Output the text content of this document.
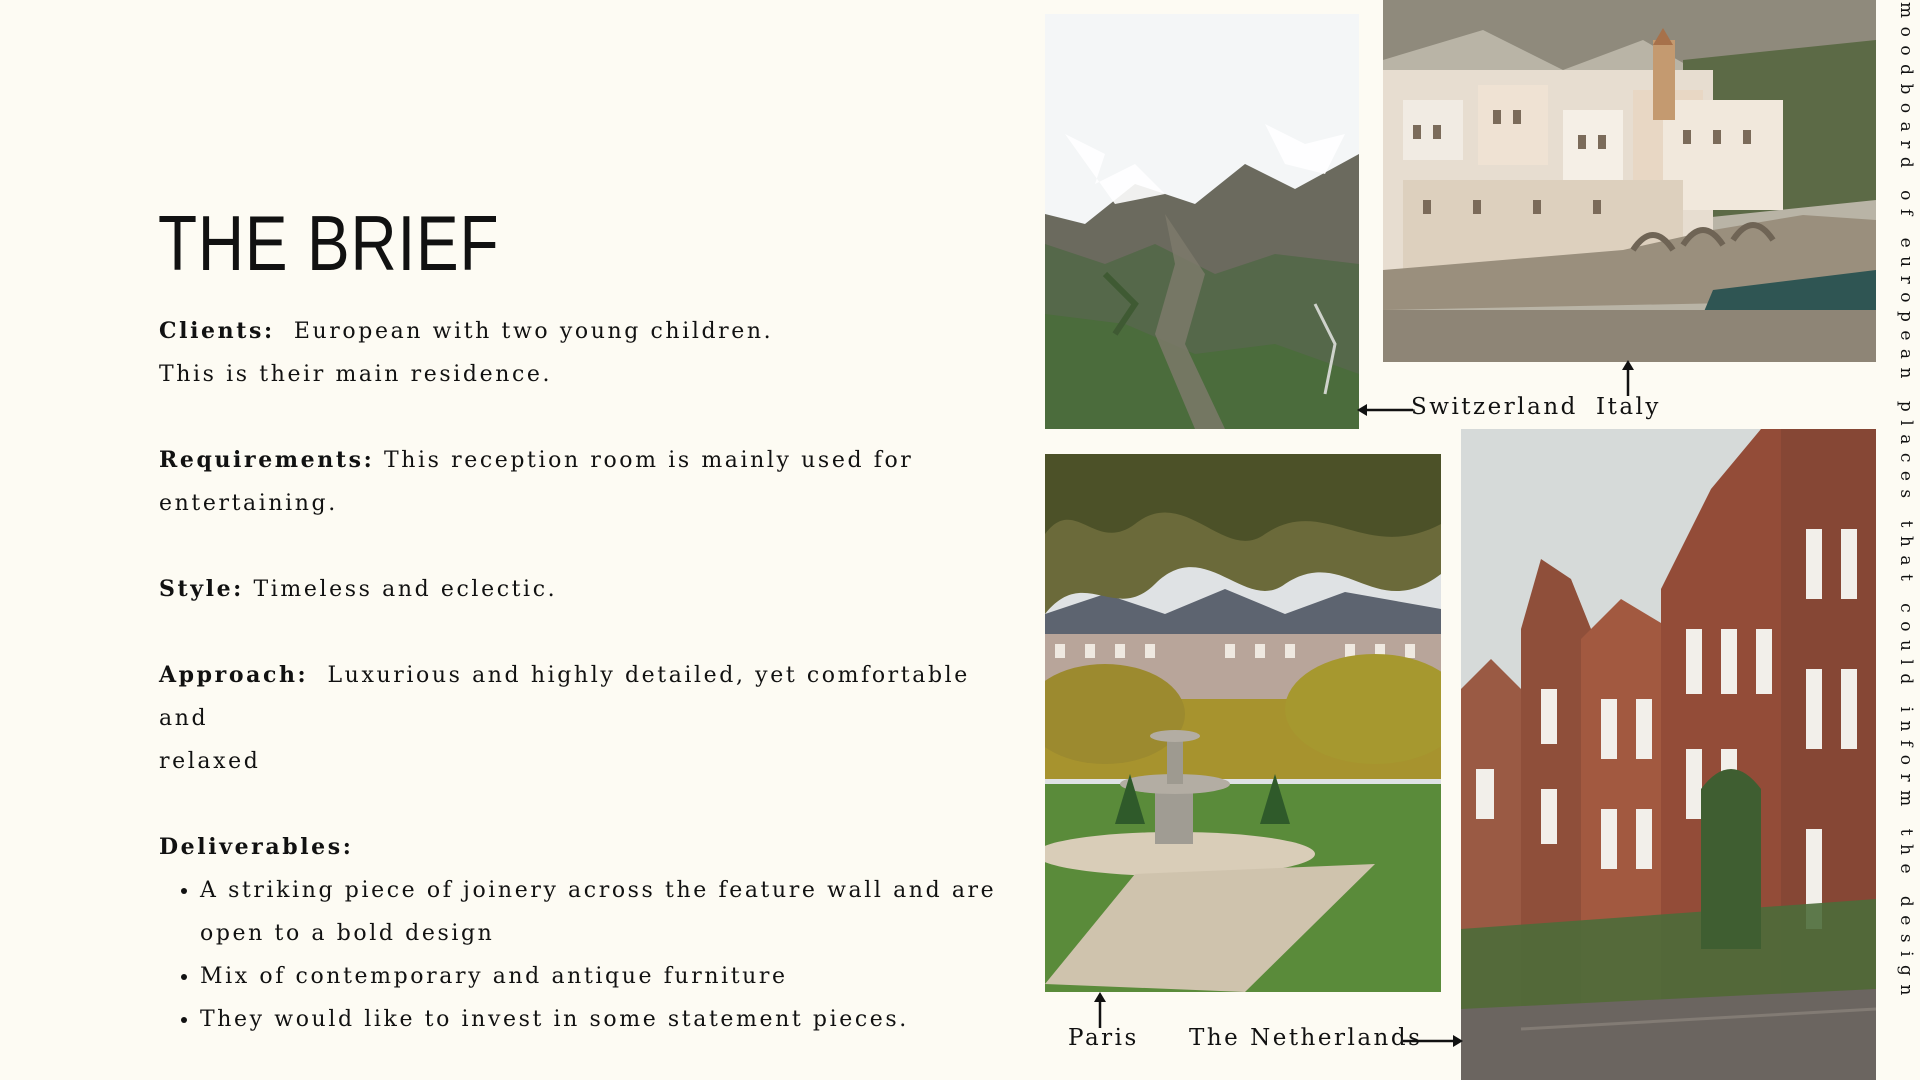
THE BRIEF

Clients: European with two young children.

This is their main residence.

Requirements: This reception room is mainly used for entertaining.

Style: Timeless and eclectic.

Approach: Luxurious and highly detailed, yet comfortable and

relaxed

Deliverables:

• A striking piece of joinery across the feature wall and are open to a bold design
• Mix of contemporary and antique furniture
• They would like to invest in some statement pieces.
Switzerland Italy
Paris The Netherlands
moodboard of european places that could inform the design
